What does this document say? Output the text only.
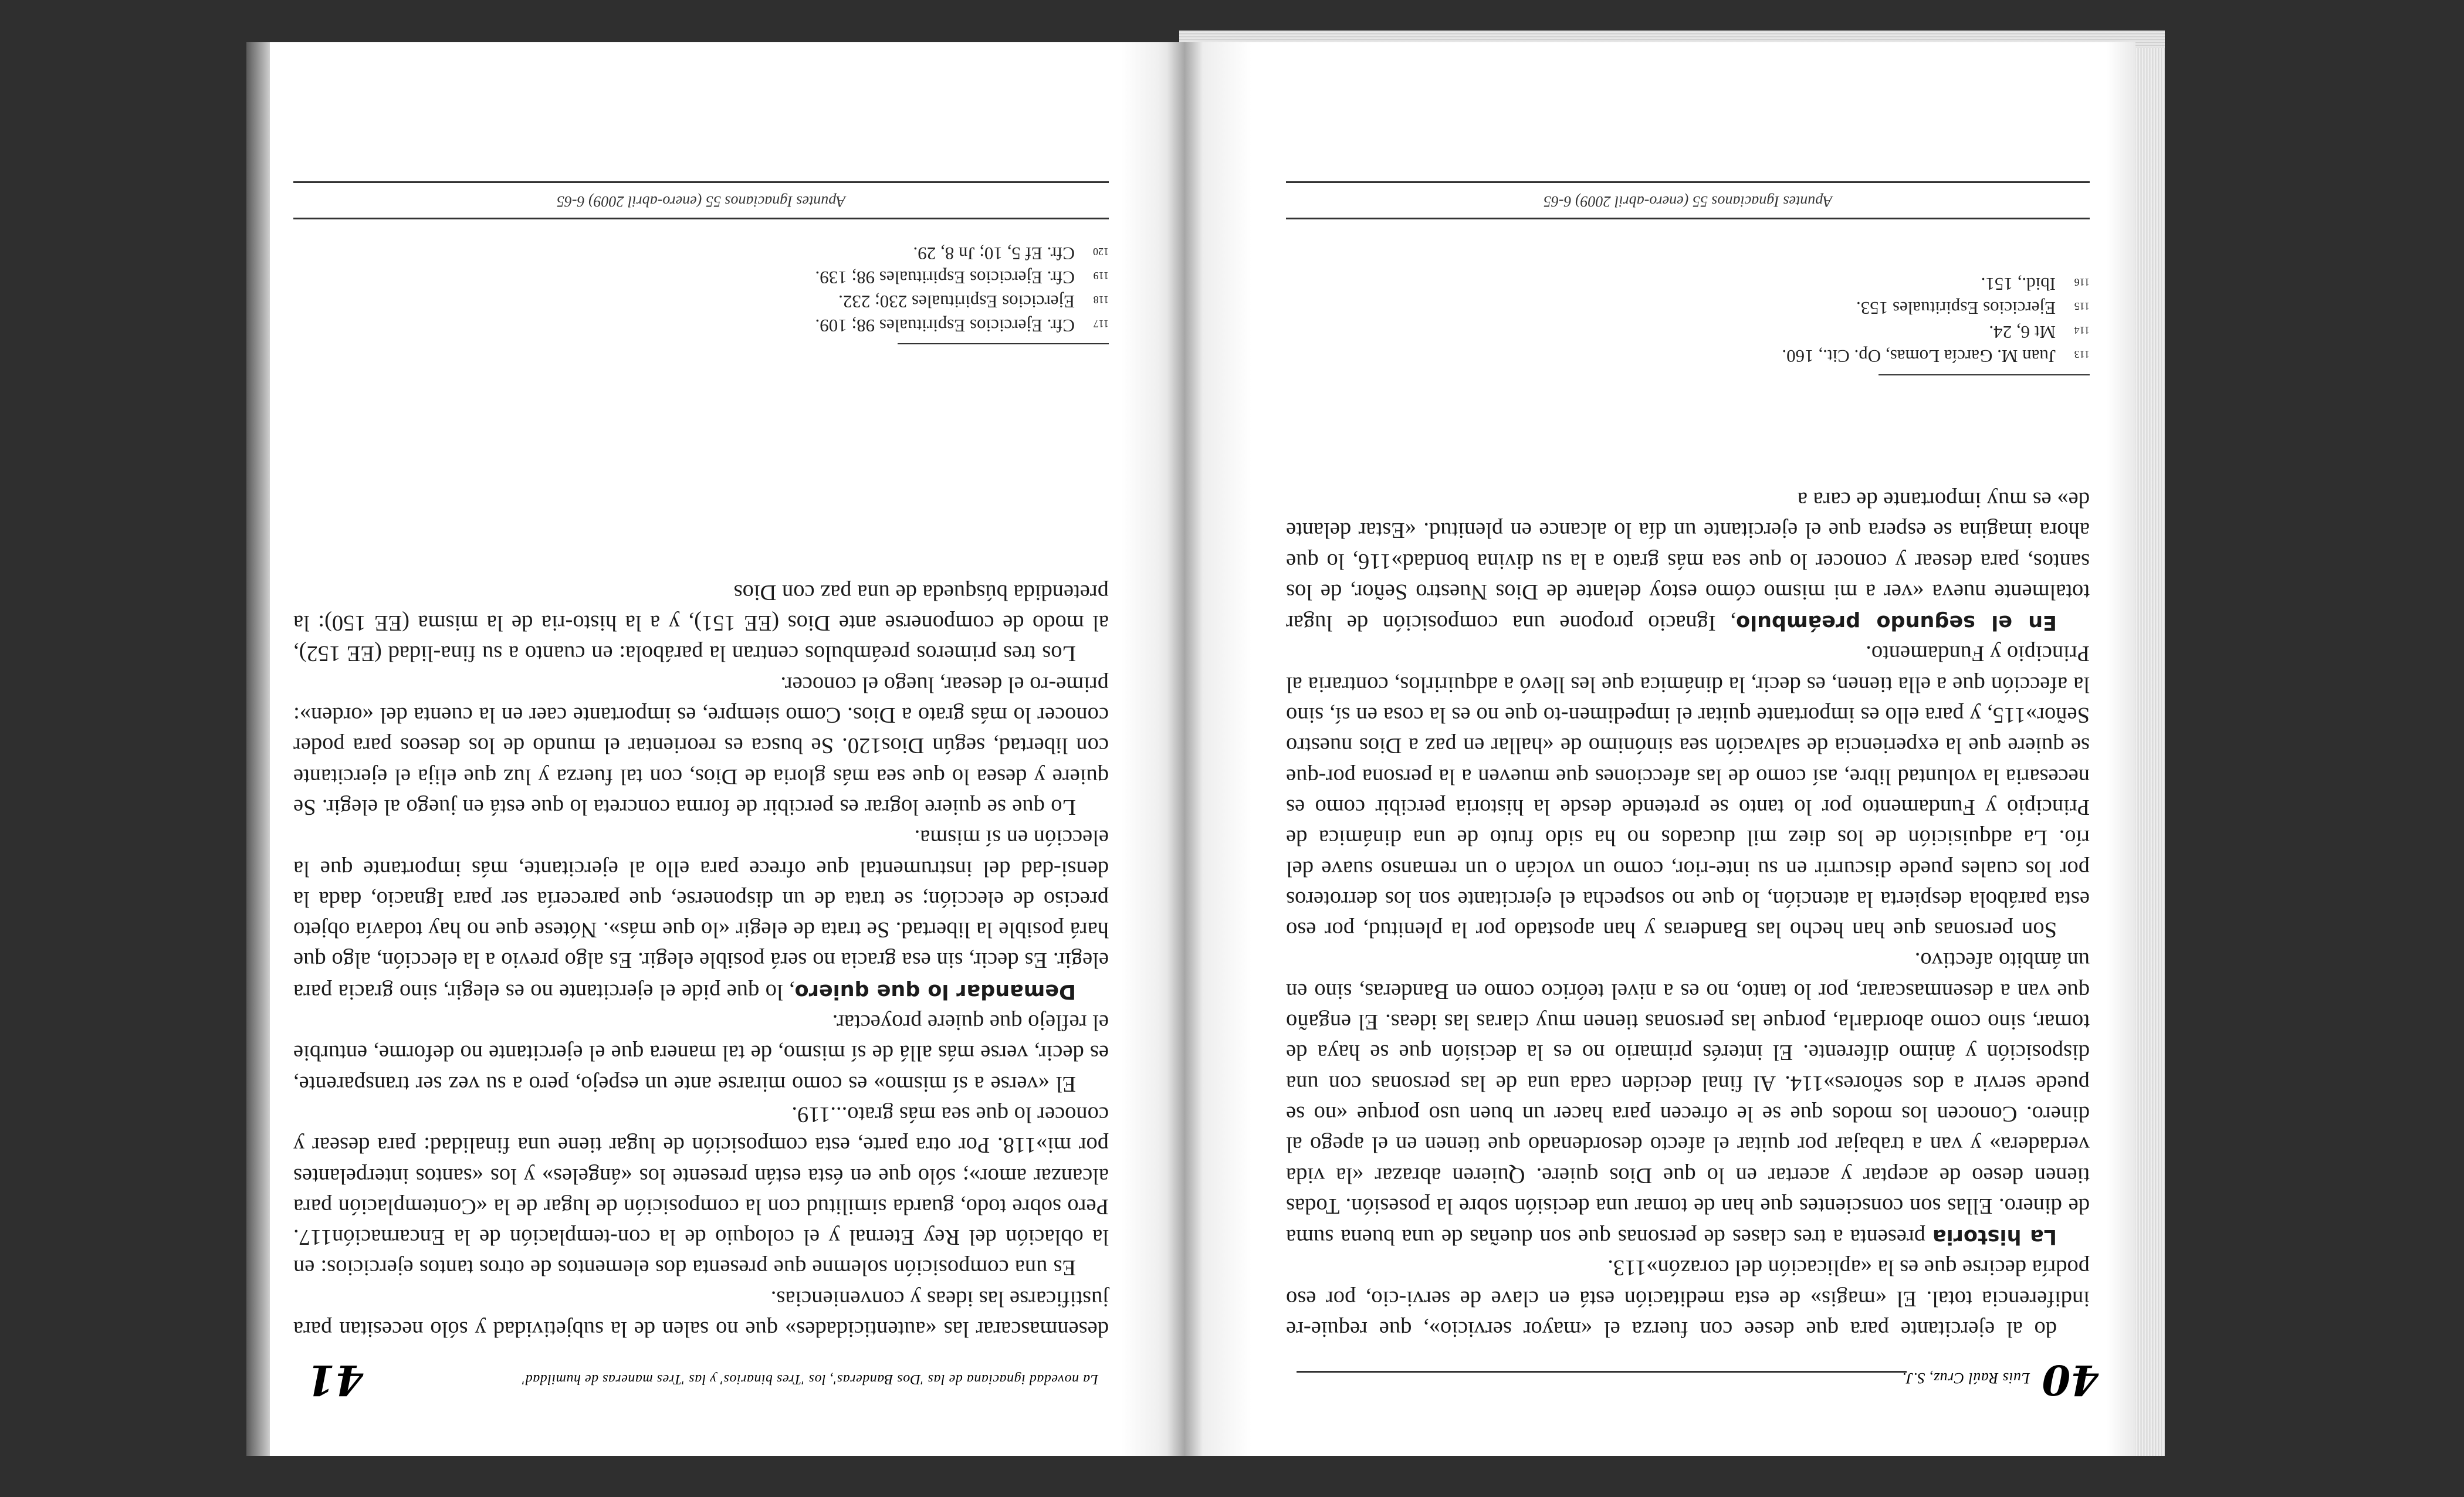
40
Luis Raúl Cruz, S.J.

do al ejercitante para que desee con fuerza el «mayor servicio», que requie-re indiferencia total. El «magis» de esta meditación está en clave de servi-cio, por eso podría decirse que es la «aplicación del corazón»113.

La historia presenta a tres clases de personas que son dueñas de una buena suma de dinero. Ellas son conscientes que han de tomar una decisión sobre la posesión. Todas tienen deseo de aceptar y acertar en lo que Dios quiere. Quieren abrazar «la vida verdadera» y van a trabajar por quitar el afecto desordenado que tienen en el apego al dinero. Conocen los modos que se le ofrecen para hacer un buen uso porque «no se puede servir a dos señores»114. Al final deciden cada una de las personas con una disposición y ánimo diferente. El interés primario no es la decisión que se haya de tomar, sino como abordarla, porque las personas tienen muy claras las ideas. El engaño que van a desenmascarar, por lo tanto, no es a nivel teórico como en Banderas, sino en un ámbito afectivo.

Son personas que han hecho las Banderas y han apostado por la plenitud, por eso esta parábola despierta la atención, lo que no sospecha el ejercitante son los derroteros por los cuales puede discurrir en su inte-rior, como un volcán o un remanso suave del río. La adquisición de los diez mil ducados no ha sido fruto de una dinámica de Principio y Fundamento por lo tanto se pretende desde la historia percibir como es necesaria la voluntad libre, así como de las afecciones que mueven a la persona por-que se quiere que la experiencia de salvación sea sinónimo de «hallar en paz a Dios nuestro Señor»115, y para ello es importante quitar el impedimen-to que no es la cosa en sí, sino la afección que a ella tienen, es decir, la dinámica que les llevó a adquirirlos, contraria al Principio y Fundamento.

En el segundo preámbulo, Ignacio propone una composición de lugar totalmente nueva «ver a mi mismo cómo estoy delante de Dios Nuestro Señor, de los santos, para desear y conocer lo que sea más grato a la su divina bondad»116, lo que ahora imagina se espera que el ejercitante un día lo alcance en plenitud. «Estar delante de» es muy importante de cara a

113Juan M. García Lomas, Op. Cit., 160.
114Mt 6, 24.
115Ejercicios Espirituales 153.
116Ibid., 151.
Apuntes Ignacianos 55 (enero-abril 2009) 6-65
La novedad ignaciana de las 'Dos Banderas', los 'Tres binarios' y las 'Tres maneras de humildad'
41

desenmascarar las «autenticidades» que no salen de la subjetividad y sólo necesitan para justificarse las ideas y conveniencias.

Es una composición solemne que presenta dos elementos de otros tantos ejercicios: en la oblación del Rey Eternal y el coloquio de la con-templación de la Encarnación117. Pero sobre todo, guarda similitud con la composición de lugar de la «Contemplación para alcanzar amor»; sólo que en ésta están presente los «ángeles» y los «santos interpelantes por mi»118. Por otra parte, esta composición de lugar tiene una finalidad: para desear y conocer lo que sea más grato...119.

El «verse a sí mismo» es como mirarse ante un espejo, pero a su vez ser transparente, es decir, verse más allá de sí mismo, de tal manera que el ejercitante no deforme, enturbie el reflejo que quiere proyectar.

Demandar lo que quiero, lo que pide el ejercitante no es elegir, sino gracia para elegir. Es decir, sin esa gracia no será posible elegir. Es algo previo a la elección, algo que hará posible la libertad. Se trata de elegir «lo que más». Nótese que no hay todavía objeto preciso de elección; se trata de un disponerse, que parecería ser para Ignacio, dada la densi-dad del instrumental que ofrece para ello al ejercitante, más importante que la elección en sí misma.

Lo que se quiere lograr es percibir de forma concreta lo que está en juego al elegir. Se quiere y desea lo que sea más gloria de Dios, con tal fuerza y luz que elija el ejercitante con libertad, según Dios120. Se busca es reorientar el mundo de los deseos para poder conocer lo más grato a Dios. Como siempre, es importante caer en la cuenta del «orden»: prime-ro el desear, luego el conocer.

Los tres primeros preámbulos centran la parábola: en cuanto a su fina-lidad (EE 152), al modo de componerse ante Dios (EE 151), y a la histo-ria de la misma (EE 150): la pretendida búsqueda de una paz con Dios

117Cfr. Ejercicios Espirituales 98; 109.
118Ejercicios Espirituales 230; 232.
119Cfr. Ejercicios Espirituales 98; 139.
120Cfr. Ef 5, 10; Jn 8, 29.
Apuntes Ignacianos 55 (enero-abril 2009) 6-65
